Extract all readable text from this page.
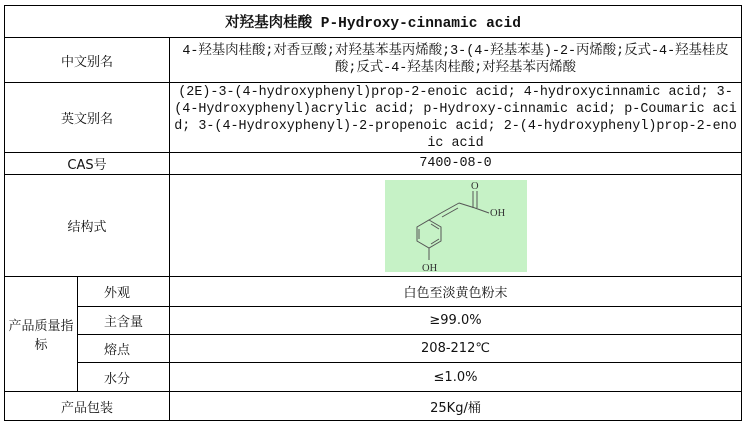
对羟基肉桂酸 P-Hydroxy-cinnamic acid		
中文别名		4-羟基肉桂酸;对香豆酸;对羟基苯基丙烯酸;3-(4-羟基苯基)-2-丙烯酸;反式-4-羟基桂皮酸;反式-4-羟基肉桂酸;对羟基苯丙烯酸
英文别名		(2E)-3-(4-hydroxyphenyl)prop-2-enoic acid; 4-hydroxycinnamic acid; 3-(4-Hydroxyphenyl)acrylic acid; p-Hydroxy-cinnamic acid; p-Coumaric acid; 3-(4-Hydroxyphenyl)-2-propenoic acid; 2-(4-hydroxyphenyl)prop-2-enoic acid
CAS号		7400-08-0
结构式		O
OH
OH

产品质量指标	外观	白色至淡黄色粉末
	主含量	≥99.0%
	熔点	208-212℃
	水分	≤1.0%
产品包装		25Kg/桶
